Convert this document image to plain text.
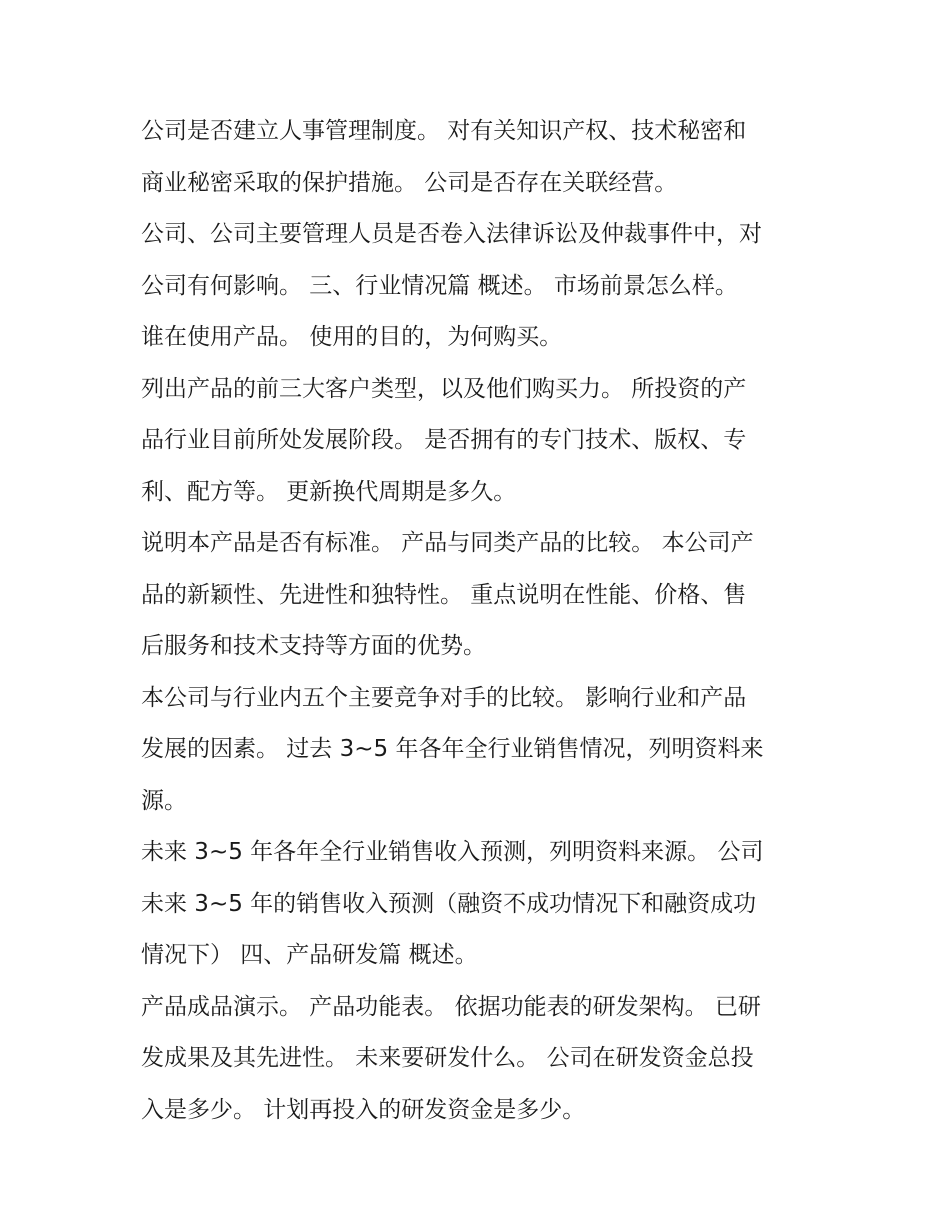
公司是否建立人事管理制度。 对有关知识产权、技术秘密和
商业秘密采取的保护措施。 公司是否存在关联经营。

公司、公司主要管理人员是否卷入法律诉讼及仲裁事件中，对
公司有何影响。 三、行业情况篇 概述。 市场前景怎么样。

谁在使用产品。 使用的目的，为何购买。

列出产品的前三大客户类型，以及他们购买力。 所投资的产
品行业目前所处发展阶段。 是否拥有的专门技术、版权、专
利、配方等。 更新换代周期是多久。

说明本产品是否有标准。 产品与同类产品的比较。 本公司产
品的新颖性、先进性和独特性。 重点说明在性能、价格、售
后服务和技术支持等方面的优势。

本公司与行业内五个主要竞争对手的比较。 影响行业和产品
发展的因素。 过去 3~5 年各年全行业销售情况，列明资料来
源。

未来 3~5 年各年全行业销售收入预测，列明资料来源。 公司
未来 3~5 年的销售收入预测（融资不成功情况下和融资成功
情况下） 四、产品研发篇 概述。

产品成品演示。 产品功能表。 依据功能表的研发架构。 已研
发成果及其先进性。 未来要研发什么。 公司在研发资金总投
入是多少。 计划再投入的研发资金是多少。
